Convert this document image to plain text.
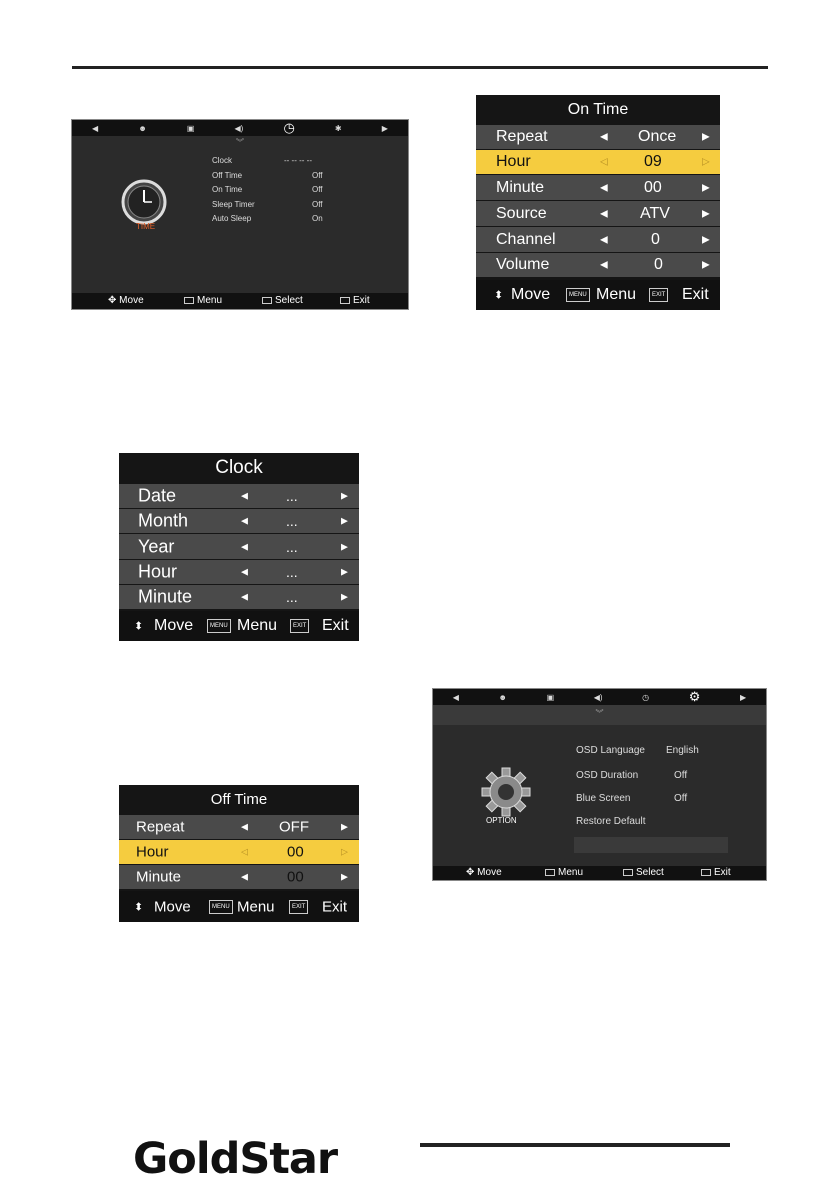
◀	☻	▣	◀)	◷	✱	▶
︾
TIME
Clock	-- -- -- --
Off Time	Off
On Time	Off
Sleep Timer	Off
Auto Sleep	On
✥ Move	Menu	Select	Exit
On Time
Repeat	◀ Once	▶
Hour	◁ 09	▷
Minute	◀ 00	▶
Source	◀ ATV	▶
Channel	◀	0	▶
Volume	◀	0	▶
⬍ Move	MENU Menu	EXIT Exit
Clock
Date	◀	...	▶
Month	◀	...	▶
Year	◀	...	▶
Hour	◀	...	▶
Minute	◀	...	▶
⬍ Move	MENU Menu	EXIT Exit
Off Time
Repeat	◀ OFF	▶
Hour	◁	00	▷
Minute	◀	00	▶
⬍ Move	MENU Menu	EXIT Exit
◀	☻	▣	◀)	◷	⚙	▶
︾
OPTION
OSD Language English
OSD Duration	Off
Blue Screen	Off
Restore Default
✥ Move	Menu	Select	Exit
GoldStar
